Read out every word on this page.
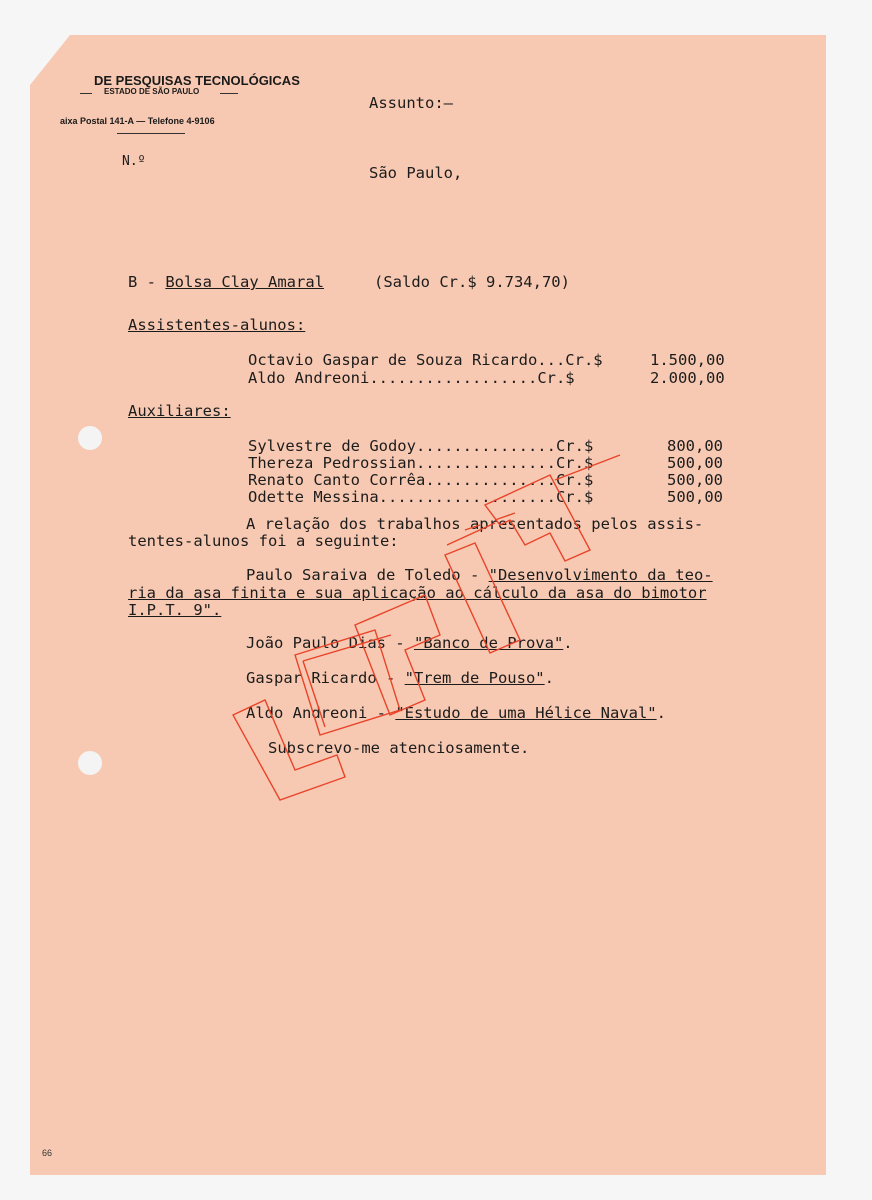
DE PESQUISAS TECNOLÓGICAS
ESTADO DE SÃO PAULO
aixa Postal 141-A — Telefone 4-9106
Assunto:—
N.º
São Paulo,
B - Bolsa Clay Amaral	(Saldo Cr.$ 9.734,70)
Assistentes-alunos:
Octavio Gaspar de Souza Ricardo...Cr.$	1.500,00
Aldo Andreoni..................Cr.$	2.000,00
Auxiliares:
Sylvestre de Godoy...............Cr.$	800,00
Thereza Pedrossian...............Cr.$	500,00
Renato Canto Corrêa..............Cr.$	500,00
Odette Messina...................Cr.$	500,00
A relação dos trabalhos apresentados pelos assis-
tentes-alunos foi a seguinte:
Paulo Saraiva de Toledo - "Desenvolvimento da teo-
ria da asa finita e sua aplicação ao cálculo da asa do bimotor
I.P.T. 9".
João Paulo Dias - "Banco de Prova".
Gaspar Ricardo - "Trem de Pouso".
Aldo Andreoni - "Estudo de uma Hélice Naval".
Subscrevo-me atenciosamente.
66
